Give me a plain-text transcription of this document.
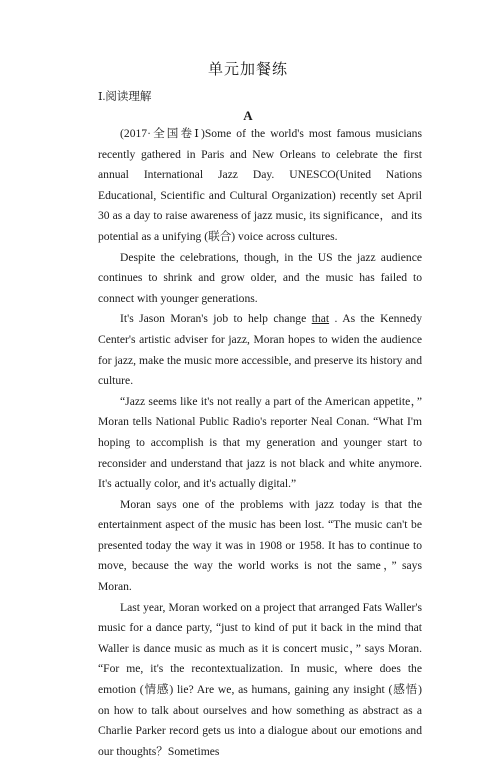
单元加餐练
Ⅰ.阅读理解
A

(2017·全国卷Ⅰ)Some of the world's most famous musicians recently gathered in Paris and New Orleans to celebrate the first annual International Jazz Day. UNESCO(United Nations Educational, Scientific and Cultural Organization) recently set April 30 as a day to raise awareness of jazz music, its significance，and its potential as a unifying (联合) voice across cultures.

Despite the celebrations, though, in the US the jazz audience continues to shrink and grow older, and the music has failed to connect with younger generations.

It's Jason Moran's job to help change that . As the Kennedy Center's artistic adviser for jazz, Moran hopes to widen the audience for jazz, make the music more accessible, and preserve its history and culture.

“Jazz seems like it's not really a part of the American appetite，” Moran tells National Public Radio's reporter Neal Conan. “What I'm hoping to accomplish is that my generation and younger start to reconsider and understand that jazz is not black and white anymore. It's actually color, and it's actually digital.”

Moran says one of the problems with jazz today is that the entertainment aspect of the music has been lost. “The music can't be presented today the way it was in 1908 or 1958. It has to continue to move, because the way the world works is not the same，” says Moran.

Last year, Moran worked on a project that arranged Fats Waller's music for a dance party, “just to kind of put it back in the mind that Waller is dance music as much as it is concert music，” says Moran. “For me, it's the recontextualization. In music, where does the emotion (情感) lie? Are we, as humans, gaining any insight (感悟) on how to talk about ourselves and how something as abstract as a Charlie Parker record gets us into a dialogue about our emotions and our thoughts？Sometimes
